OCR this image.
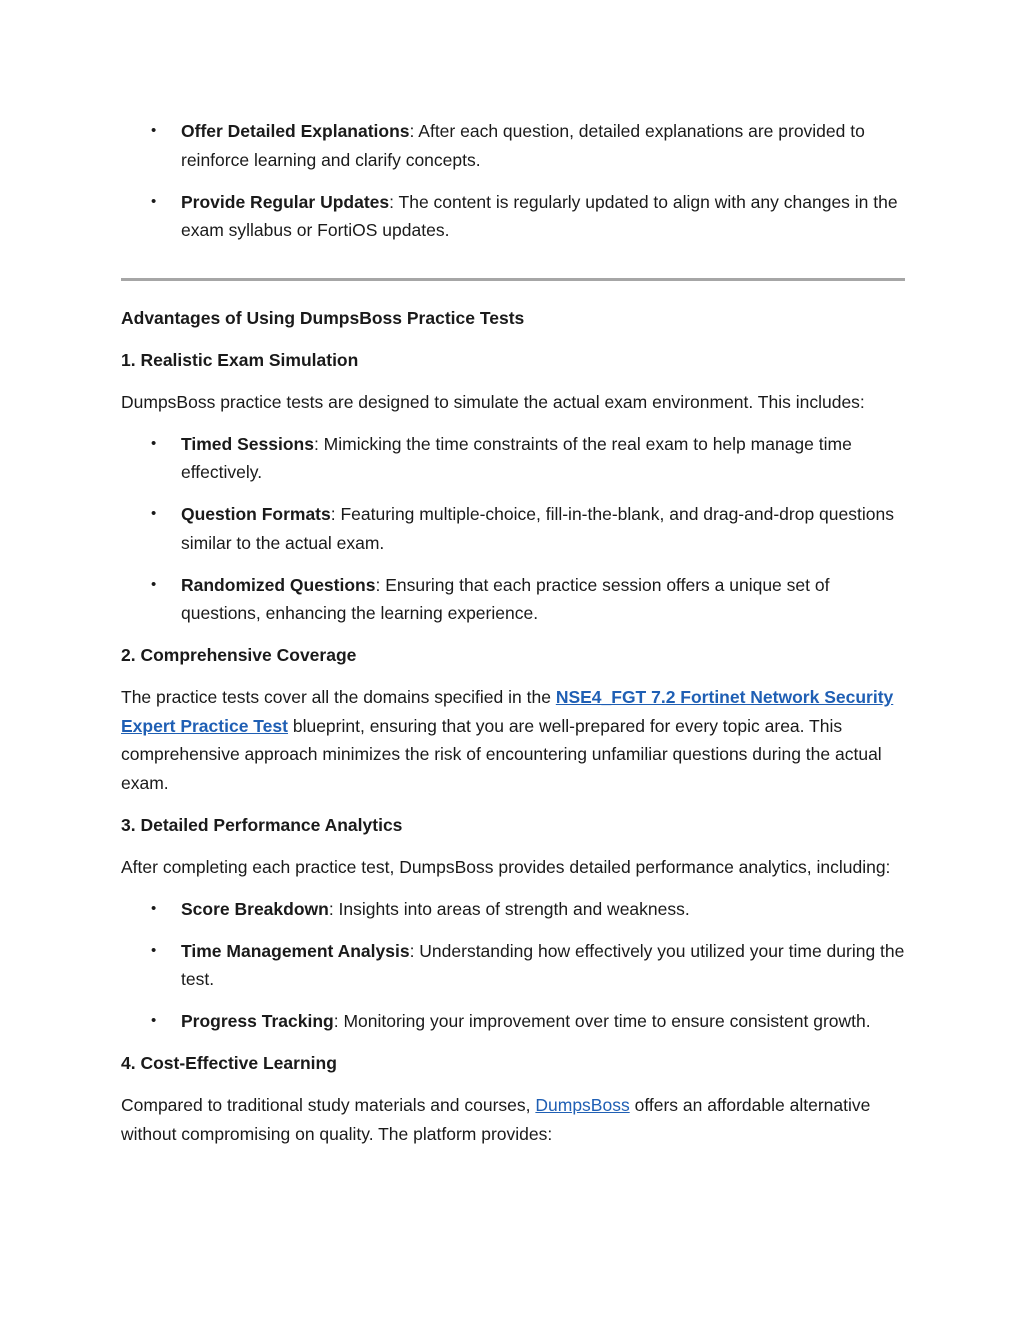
• Offer Detailed Explanations: After each question, detailed explanations are provided to reinforce learning and clarify concepts.
• Provide Regular Updates: The content is regularly updated to align with any changes in the exam syllabus or FortiOS updates.

Advantages of Using DumpsBoss Practice Tests

1. Realistic Exam Simulation

DumpsBoss practice tests are designed to simulate the actual exam environment. This includes:

• Timed Sessions: Mimicking the time constraints of the real exam to help manage time effectively.
• Question Formats: Featuring multiple-choice, fill-in-the-blank, and drag-and-drop questions similar to the actual exam.
• Randomized Questions: Ensuring that each practice session offers a unique set of questions, enhancing the learning experience.

2. Comprehensive Coverage

The practice tests cover all the domains specified in the NSE4_FGT 7.2 Fortinet Network Security Expert Practice Test blueprint, ensuring that you are well-prepared for every topic area. This comprehensive approach minimizes the risk of encountering unfamiliar questions during the actual exam.

3. Detailed Performance Analytics

After completing each practice test, DumpsBoss provides detailed performance analytics, including:

• Score Breakdown: Insights into areas of strength and weakness.
• Time Management Analysis: Understanding how effectively you utilized your time during the test.
• Progress Tracking: Monitoring your improvement over time to ensure consistent growth.

4. Cost-Effective Learning

Compared to traditional study materials and courses, DumpsBoss offers an affordable alternative without compromising on quality. The platform provides:
